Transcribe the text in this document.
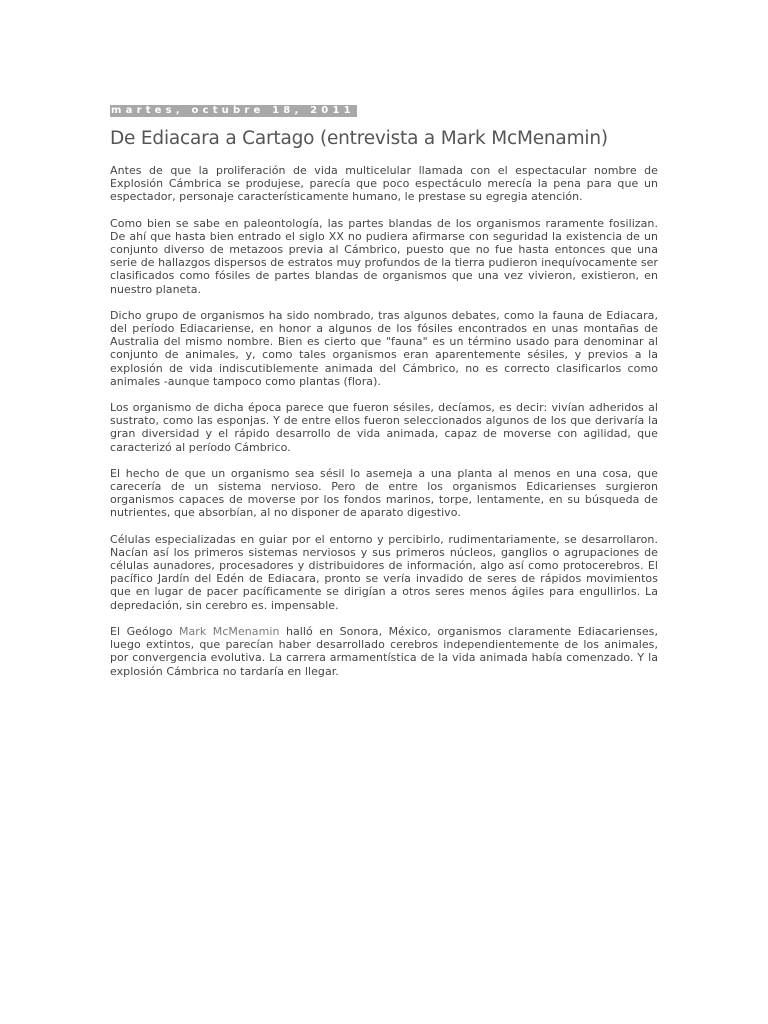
martes, octubre 18, 2011
De Ediacara a Cartago (entrevista a Mark McMenamin)

Antes de que la proliferación de vida multicelular llamada con el espectacular nombre de Explosión Cámbrica se produjese, parecía que poco espectáculo merecía la pena para que un espectador, personaje característicamente humano, le prestase su egregia atención.

Como bien se sabe en paleontología, las partes blandas de los organismos raramente fosilizan. De ahí que hasta bien entrado el siglo XX no pudiera afirmarse con seguridad la existencia de un conjunto diverso de metazoos previa al Cámbrico, puesto que no fue hasta entonces que una serie de hallazgos dispersos de estratos muy profundos de la tierra pudieron inequívocamente ser clasificados como fósiles de partes blandas de organismos que una vez vivieron, existieron, en nuestro planeta.

Dicho grupo de organismos ha sido nombrado, tras algunos debates, como la fauna de Ediacara, del período Ediacariense, en honor a algunos de los fósiles encontrados en unas montañas de Australia del mismo nombre. Bien es cierto que "fauna" es un término usado para denominar al conjunto de animales, y, como tales organismos eran aparentemente sésiles, y previos a la explosión de vida indiscutiblemente animada del Cámbrico, no es correcto clasificarlos como animales -aunque tampoco como plantas (flora).

Los organismo de dicha época parece que fueron sésiles, decíamos, es decir: vivían adheridos al sustrato, como las esponjas. Y de entre ellos fueron seleccionados algunos de los que derivaría la gran diversidad y el rápido desarrollo de vida animada, capaz de moverse con agilidad, que caracterizó al período Cámbrico.

El hecho de que un organismo sea sésil lo asemeja a una planta al menos en una cosa, que carecería de un sistema nervioso. Pero de entre los organismos Edicarienses surgieron organismos capaces de moverse por los fondos marinos, torpe, lentamente, en su búsqueda de nutrientes, que absorbían, al no disponer de aparato digestivo.

Células especializadas en guiar por el entorno y percibirlo, rudimentariamente, se desarrollaron. Nacían así los primeros sistemas nerviosos y sus primeros núcleos, ganglios o agrupaciones de células aunadores, procesadores y distribuidores de información, algo así como protocerebros. El pacífico Jardín del Edén de Ediacara, pronto se vería invadido de seres de rápidos movimientos que en lugar de pacer pacíficamente se dirigían a otros seres menos ágiles para engullirlos. La depredación, sin cerebro es. impensable.

El Geólogo Mark McMenamin halló en Sonora, México, organismos claramente Ediacarienses, luego extintos, que parecían haber desarrollado cerebros independientemente de los animales, por convergencia evolutiva. La carrera armamentística de la vida animada había comenzado. Y la explosión Cámbrica no tardaría en llegar.
